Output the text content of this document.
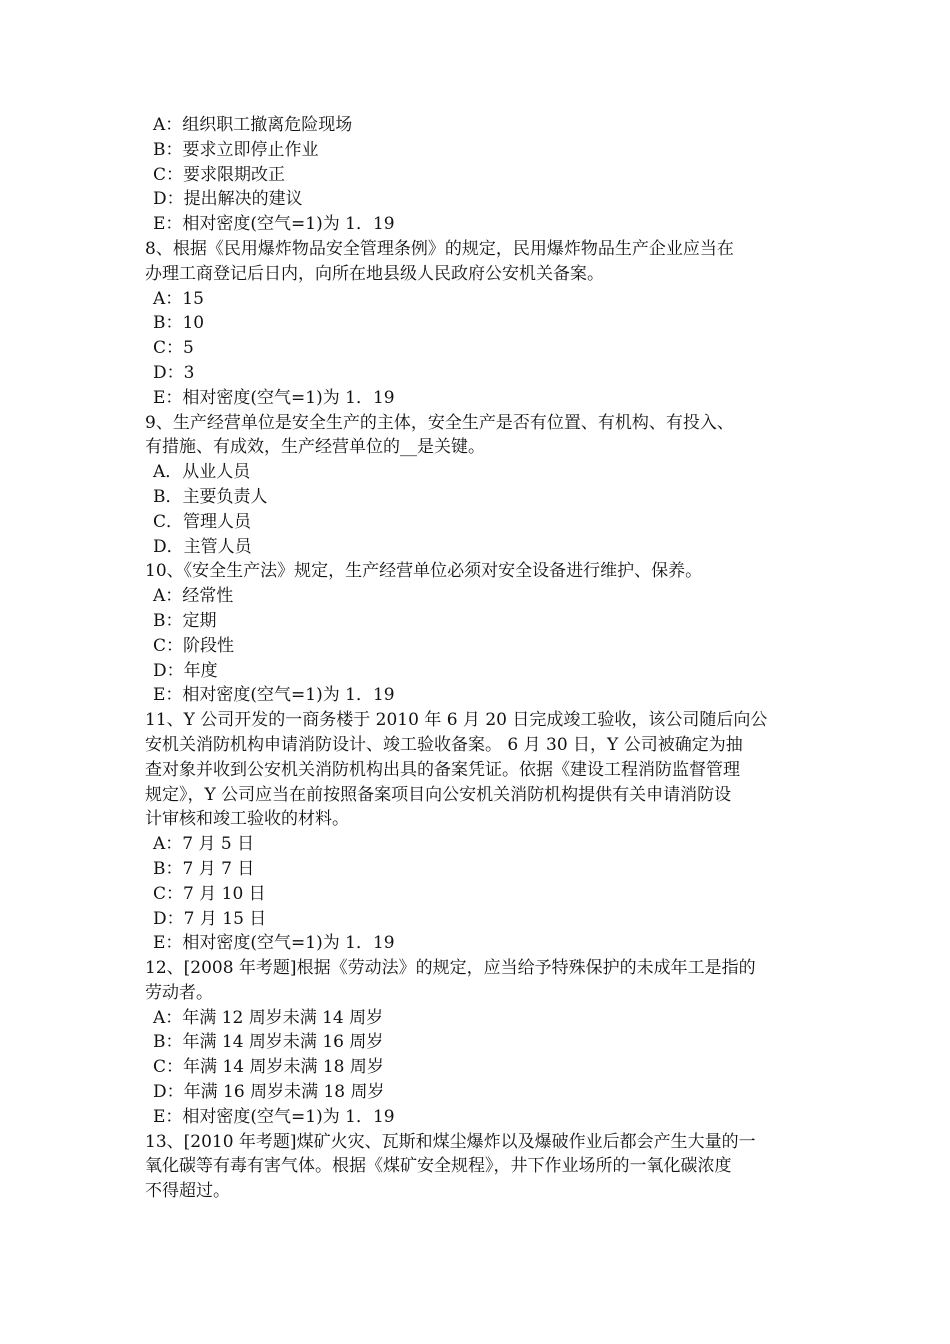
A：组织职工撤离危险现场
B：要求立即停止作业
C：要求限期改正
D：提出解决的建议
E：相对密度(空气=1)为 1．19
8、根据《民用爆炸物品安全管理条例》的规定，民用爆炸物品生产企业应当在
办理工商登记后日内，向所在地县级人民政府公安机关备案。
A：15
B：10
C：5
D：3
E：相对密度(空气=1)为 1．19
9、生产经营单位是安全生产的主体，安全生产是否有位置、有机构、有投入、
有措施、有成效，生产经营单位的__是关键。
A．从业人员
B．主要负责人
C．管理人员
D．主管人员
10、《安全生产法》规定，生产经营单位必须对安全设备进行维护、保养。
A：经常性
B：定期
C：阶段性
D：年度
E：相对密度(空气=1)为 1．19
11、Y 公司开发的一商务楼于 2010 年 6 月 20 日完成竣工验收，该公司随后向公
安机关消防机构申请消防设计、竣工验收备案。 6 月 30 日，Y 公司被确定为抽
查对象并收到公安机关消防机构出具的备案凭证。依据《建设工程消防监督管理
规定》，Y 公司应当在前按照备案项目向公安机关消防机构提供有关申请消防设
计审核和竣工验收的材料。
A：7 月 5 日
B：7 月 7 日
C：7 月 10 日
D：7 月 15 日
E：相对密度(空气=1)为 1．19
12、[2008 年考题]根据《劳动法》的规定，应当给予特殊保护的未成年工是指的
劳动者。
A：年满 12 周岁未满 14 周岁
B：年满 14 周岁未满 16 周岁
C：年满 14 周岁未满 18 周岁
D：年满 16 周岁未满 18 周岁
E：相对密度(空气=1)为 1．19
13、[2010 年考题]煤矿火灾、瓦斯和煤尘爆炸以及爆破作业后都会产生大量的一
氧化碳等有毒有害气体。根据《煤矿安全规程》，井下作业场所的一氧化碳浓度
不得超过。
